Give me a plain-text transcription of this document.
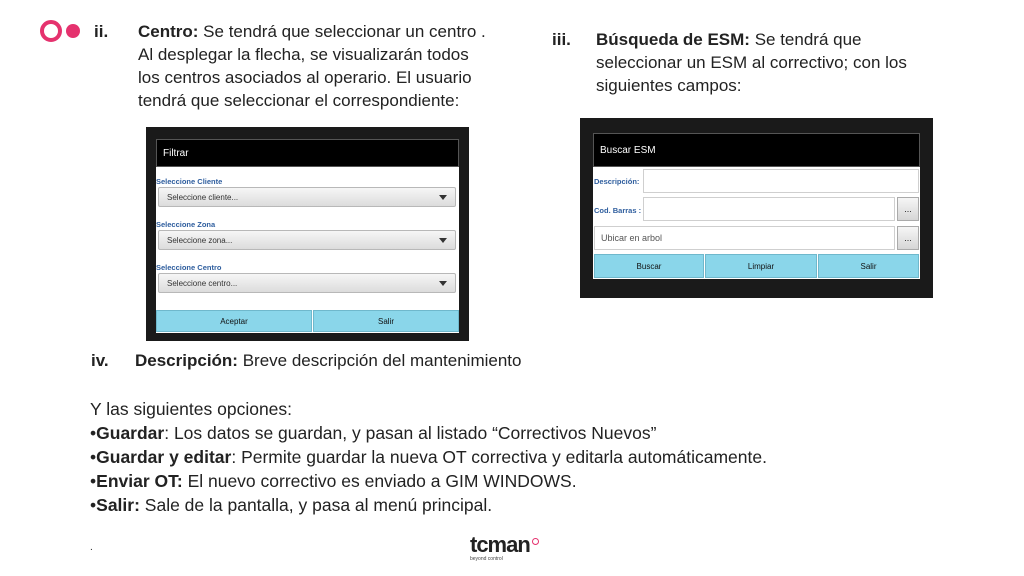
ii. Centro: Se tendrá que seleccionar un centro .
Al desplegar la flecha, se visualizarán todos
los centros asociados al operario. El usuario
tendrá que seleccionar el correspondiente:
iii. Búsqueda de ESM: Se tendrá que
seleccionar un ESM al correctivo; con los
siguientes campos:
Filtrar
Seleccione Cliente
Seleccione cliente...
Seleccione Zona
Seleccione zona...
Seleccione Centro
Seleccione centro...
Aceptar	Salir
Buscar ESM
Descripción:
Cod. Barras :	...
Ubicar en arbol	...
Buscar	Limpiar	Salir
iv. Descripción: Breve descripción del mantenimiento
Y las siguientes opciones:
•Guardar: Los datos se guardan, y pasan al listado “Correctivos Nuevos”
•Guardar y editar: Permite guardar la nueva OT correctiva y editarla automáticamente.
•Enviar OT: El nuevo correctivo es enviado a GIM WINDOWS.
•Salir: Sale de la pantalla, y pasa al menú principal.
.	tcman
beyond control
